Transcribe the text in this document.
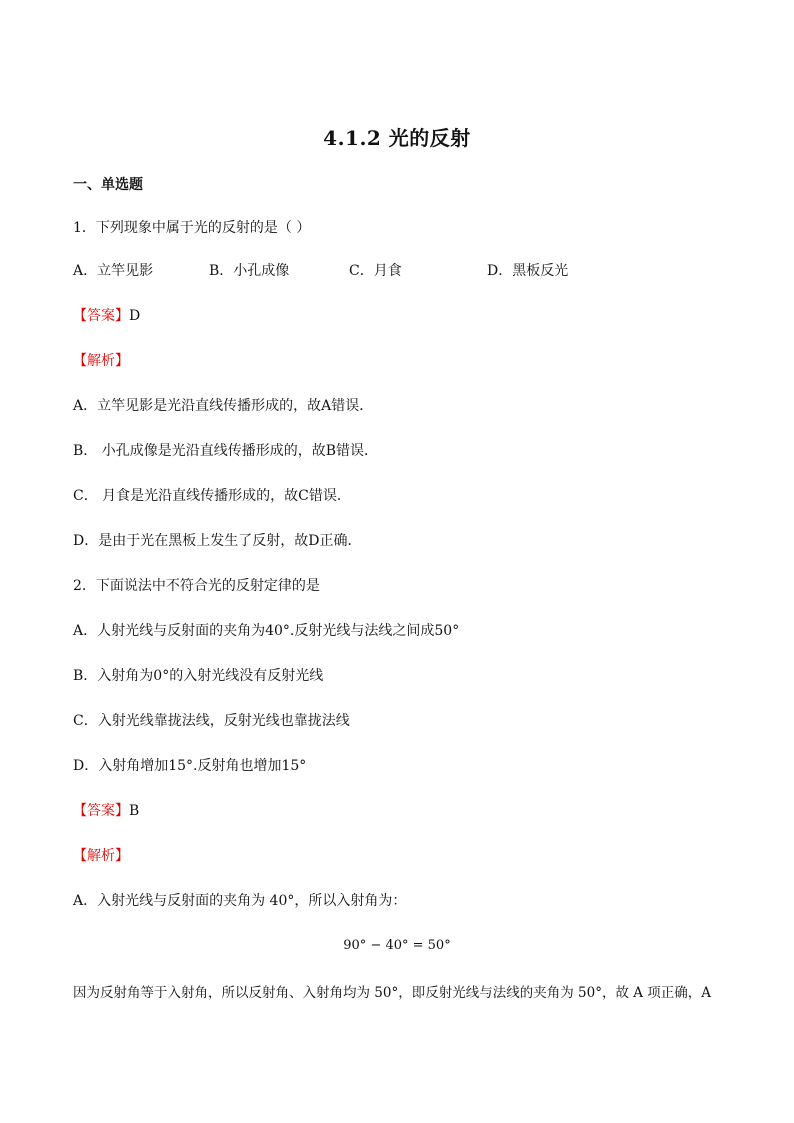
4.1.2 光的反射
一、单选题
1．下列现象中属于光的反射的是（ ）
A．立竿见影	B．小孔成像	C．月食	D．黑板反光
【答案】D
【解析】
A．立竿见影是光沿直线传播形成的，故A错误．
B． 小孔成像是光沿直线传播形成的，故B错误．
C． 月食是光沿直线传播形成的，故C错误．
D．是由于光在黑板上发生了反射，故D正确．
2．下面说法中不符合光的反射定律的是
A．人射光线与反射面的夹角为40°.反射光线与法线之间成50°
B．入射角为0°的入射光线没有反射光线
C．入射光线靠拢法线，反射光线也靠拢法线
D．入射角增加15°.反射角也增加15°
【答案】B
【解析】
A．入射光线与反射面的夹角为 40°，所以入射角为：
90° − 40° = 50°
因为反射角等于入射角，所以反射角、入射角均为 50°，即反射光线与法线的夹角为 50°，故 A 项正确，A
